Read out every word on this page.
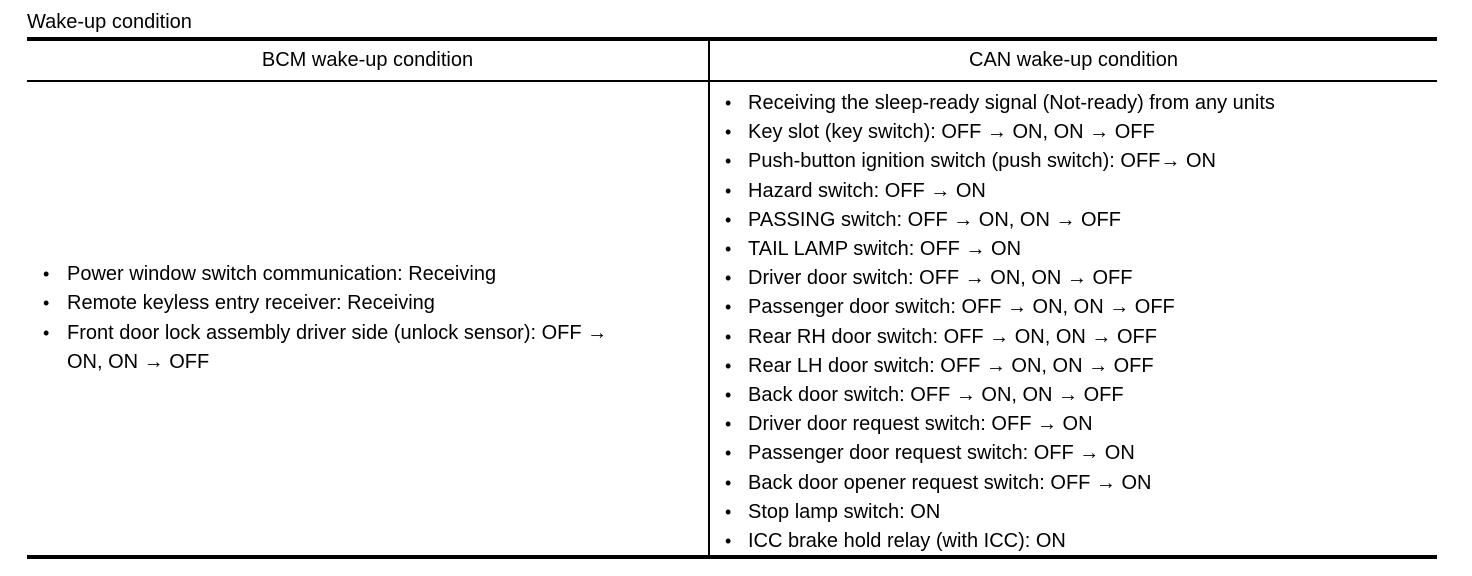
Wake-up condition
BCM wake-up condition	CAN wake-up condition
• Power window switch communication: Receiving
• Remote keyless entry receiver: Receiving
• Front door lock assembly driver side (unlock sensor): OFF → ON, ON → OFF
• Receiving the sleep-ready signal (Not-ready) from any units
• Key slot (key switch): OFF → ON, ON → OFF
• Push-button ignition switch (push switch): OFF→ ON
• Hazard switch: OFF → ON
• PASSING switch: OFF → ON, ON → OFF
• TAIL LAMP switch: OFF → ON
• Driver door switch: OFF → ON, ON → OFF
• Passenger door switch: OFF → ON, ON → OFF
• Rear RH door switch: OFF → ON, ON → OFF
• Rear LH door switch: OFF → ON, ON → OFF
• Back door switch: OFF → ON, ON → OFF
• Driver door request switch: OFF → ON
• Passenger door request switch: OFF → ON
• Back door opener request switch: OFF → ON
• Stop lamp switch: ON
• ICC brake hold relay (with ICC): ON
